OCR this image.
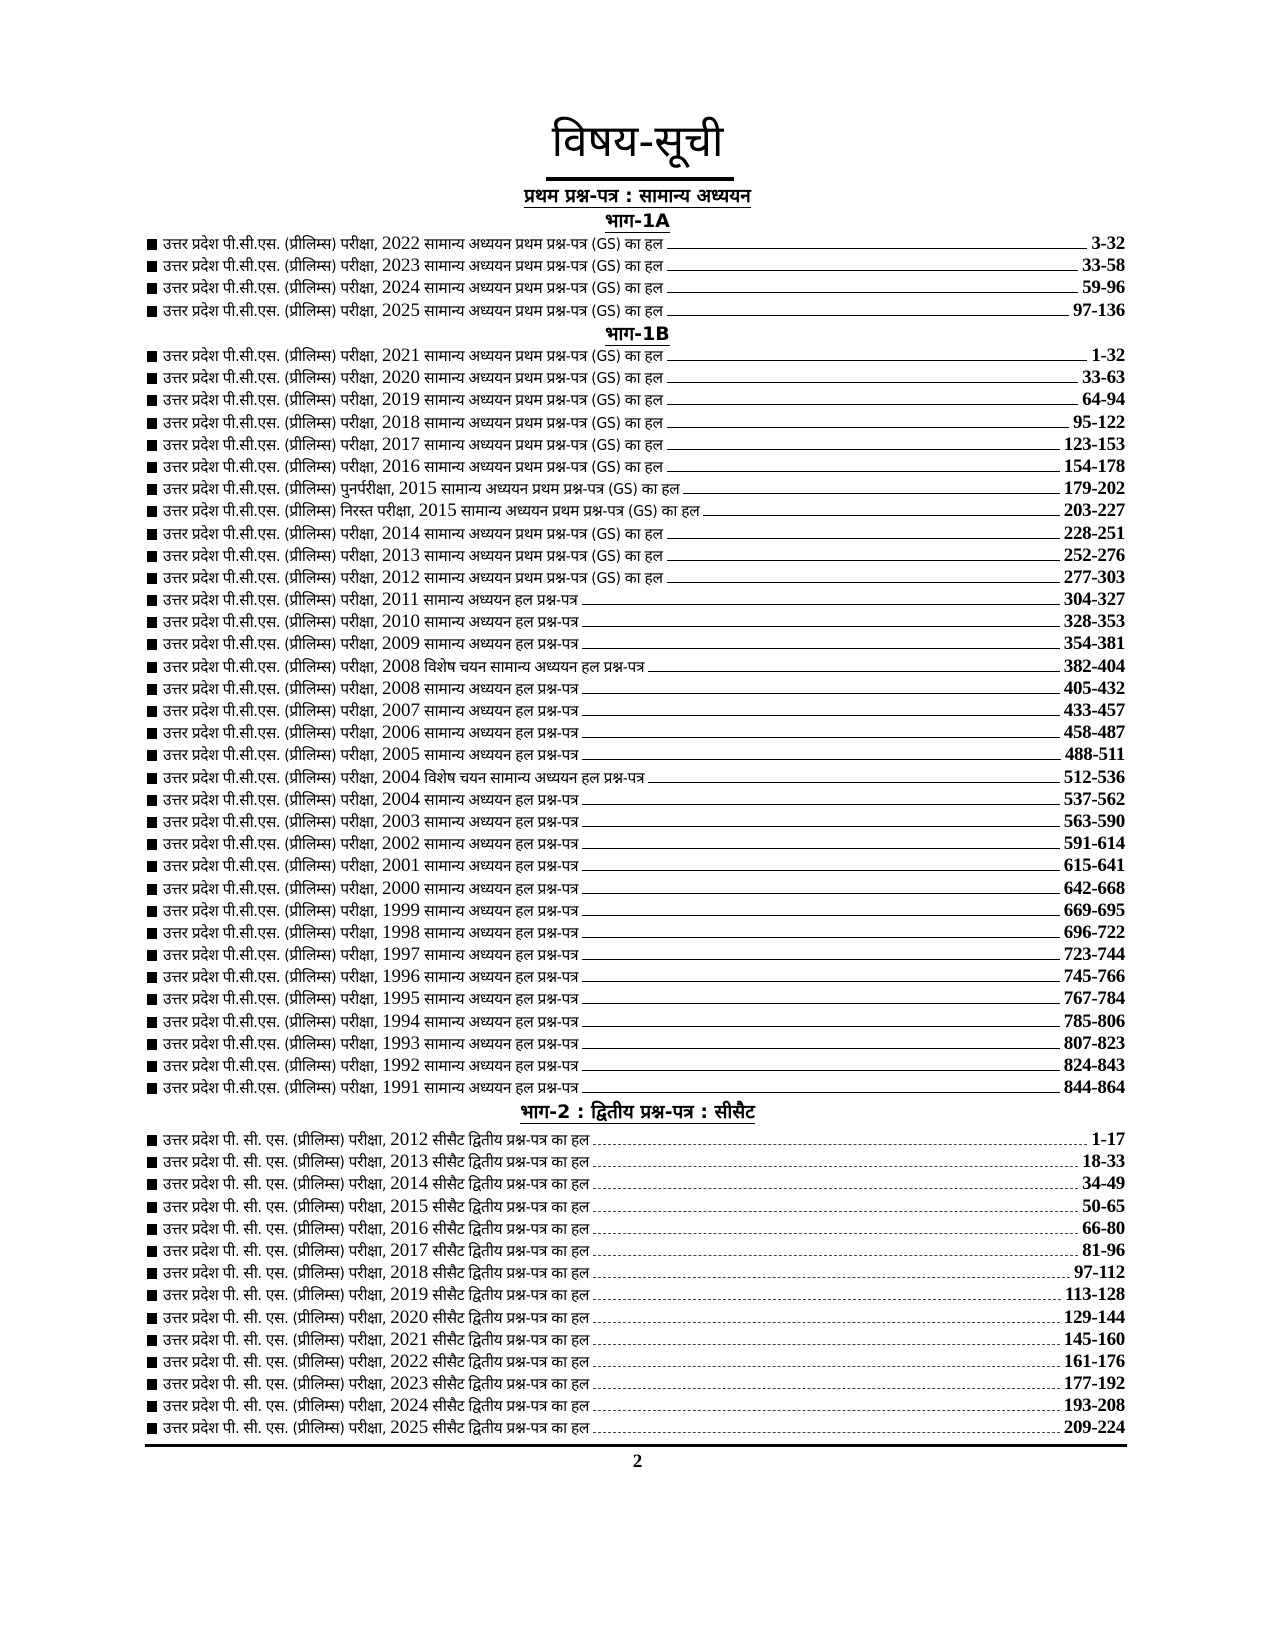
विषय-सूची
प्रथम प्रश्न-पत्र : सामान्य अध्ययन
भाग-1A
उत्तर प्रदेश पी.सी.एस. (प्रीलिम्स) परीक्षा, 2022 सामान्य अध्ययन प्रथम प्रश्न-पत्र (GS) का हल	3-32
उत्तर प्रदेश पी.सी.एस. (प्रीलिम्स) परीक्षा, 2023 सामान्य अध्ययन प्रथम प्रश्न-पत्र (GS) का हल	33-58
उत्तर प्रदेश पी.सी.एस. (प्रीलिम्स) परीक्षा, 2024 सामान्य अध्ययन प्रथम प्रश्न-पत्र (GS) का हल	59-96
उत्तर प्रदेश पी.सी.एस. (प्रीलिम्स) परीक्षा, 2025 सामान्य अध्ययन प्रथम प्रश्न-पत्र (GS) का हल	97-136
भाग-1B
उत्तर प्रदेश पी.सी.एस. (प्रीलिम्स) परीक्षा, 2021 सामान्य अध्ययन प्रथम प्रश्न-पत्र (GS) का हल	1-32
उत्तर प्रदेश पी.सी.एस. (प्रीलिम्स) परीक्षा, 2020 सामान्य अध्ययन प्रथम प्रश्न-पत्र (GS) का हल	33-63
उत्तर प्रदेश पी.सी.एस. (प्रीलिम्स) परीक्षा, 2019 सामान्य अध्ययन प्रथम प्रश्न-पत्र (GS) का हल	64-94
उत्तर प्रदेश पी.सी.एस. (प्रीलिम्स) परीक्षा, 2018 सामान्य अध्ययन प्रथम प्रश्न-पत्र (GS) का हल	95-122
उत्तर प्रदेश पी.सी.एस. (प्रीलिम्स) परीक्षा, 2017 सामान्य अध्ययन प्रथम प्रश्न-पत्र (GS) का हल	123-153
उत्तर प्रदेश पी.सी.एस. (प्रीलिम्स) परीक्षा, 2016 सामान्य अध्ययन प्रथम प्रश्न-पत्र (GS) का हल	154-178
उत्तर प्रदेश पी.सी.एस. (प्रीलिम्स) पुनर्परीक्षा, 2015 सामान्य अध्ययन प्रथम प्रश्न-पत्र (GS) का हल	179-202
उत्तर प्रदेश पी.सी.एस. (प्रीलिम्स) निरस्त परीक्षा, 2015 सामान्य अध्ययन प्रथम प्रश्न-पत्र (GS) का हल	203-227
उत्तर प्रदेश पी.सी.एस. (प्रीलिम्स) परीक्षा, 2014 सामान्य अध्ययन प्रथम प्रश्न-पत्र (GS) का हल	228-251
उत्तर प्रदेश पी.सी.एस. (प्रीलिम्स) परीक्षा, 2013 सामान्य अध्ययन प्रथम प्रश्न-पत्र (GS) का हल	252-276
उत्तर प्रदेश पी.सी.एस. (प्रीलिम्स) परीक्षा, 2012 सामान्य अध्ययन प्रथम प्रश्न-पत्र (GS) का हल	277-303
उत्तर प्रदेश पी.सी.एस. (प्रीलिम्स) परीक्षा, 2011 सामान्य अध्ययन हल प्रश्न-पत्र	304-327
उत्तर प्रदेश पी.सी.एस. (प्रीलिम्स) परीक्षा, 2010 सामान्य अध्ययन हल प्रश्न-पत्र	328-353
उत्तर प्रदेश पी.सी.एस. (प्रीलिम्स) परीक्षा, 2009 सामान्य अध्ययन हल प्रश्न-पत्र	354-381
उत्तर प्रदेश पी.सी.एस. (प्रीलिम्स) परीक्षा, 2008 विशेष चयन सामान्य अध्ययन हल प्रश्न-पत्र	382-404
उत्तर प्रदेश पी.सी.एस. (प्रीलिम्स) परीक्षा, 2008 सामान्य अध्ययन हल प्रश्न-पत्र	405-432
उत्तर प्रदेश पी.सी.एस. (प्रीलिम्स) परीक्षा, 2007 सामान्य अध्ययन हल प्रश्न-पत्र	433-457
उत्तर प्रदेश पी.सी.एस. (प्रीलिम्स) परीक्षा, 2006 सामान्य अध्ययन हल प्रश्न-पत्र	458-487
उत्तर प्रदेश पी.सी.एस. (प्रीलिम्स) परीक्षा, 2005 सामान्य अध्ययन हल प्रश्न-पत्र	488-511
उत्तर प्रदेश पी.सी.एस. (प्रीलिम्स) परीक्षा, 2004 विशेष चयन सामान्य अध्ययन हल प्रश्न-पत्र	512-536
उत्तर प्रदेश पी.सी.एस. (प्रीलिम्स) परीक्षा, 2004 सामान्य अध्ययन हल प्रश्न-पत्र	537-562
उत्तर प्रदेश पी.सी.एस. (प्रीलिम्स) परीक्षा, 2003 सामान्य अध्ययन हल प्रश्न-पत्र	563-590
उत्तर प्रदेश पी.सी.एस. (प्रीलिम्स) परीक्षा, 2002 सामान्य अध्ययन हल प्रश्न-पत्र	591-614
उत्तर प्रदेश पी.सी.एस. (प्रीलिम्स) परीक्षा, 2001 सामान्य अध्ययन हल प्रश्न-पत्र	615-641
उत्तर प्रदेश पी.सी.एस. (प्रीलिम्स) परीक्षा, 2000 सामान्य अध्ययन हल प्रश्न-पत्र	642-668
उत्तर प्रदेश पी.सी.एस. (प्रीलिम्स) परीक्षा, 1999 सामान्य अध्ययन हल प्रश्न-पत्र	669-695
उत्तर प्रदेश पी.सी.एस. (प्रीलिम्स) परीक्षा, 1998 सामान्य अध्ययन हल प्रश्न-पत्र	696-722
उत्तर प्रदेश पी.सी.एस. (प्रीलिम्स) परीक्षा, 1997 सामान्य अध्ययन हल प्रश्न-पत्र	723-744
उत्तर प्रदेश पी.सी.एस. (प्रीलिम्स) परीक्षा, 1996 सामान्य अध्ययन हल प्रश्न-पत्र	745-766
उत्तर प्रदेश पी.सी.एस. (प्रीलिम्स) परीक्षा, 1995 सामान्य अध्ययन हल प्रश्न-पत्र	767-784
उत्तर प्रदेश पी.सी.एस. (प्रीलिम्स) परीक्षा, 1994 सामान्य अध्ययन हल प्रश्न-पत्र	785-806
उत्तर प्रदेश पी.सी.एस. (प्रीलिम्स) परीक्षा, 1993 सामान्य अध्ययन हल प्रश्न-पत्र	807-823
उत्तर प्रदेश पी.सी.एस. (प्रीलिम्स) परीक्षा, 1992 सामान्य अध्ययन हल प्रश्न-पत्र	824-843
उत्तर प्रदेश पी.सी.एस. (प्रीलिम्स) परीक्षा, 1991 सामान्य अध्ययन हल प्रश्न-पत्र	844-864
भाग-2 : द्वितीय प्रश्न-पत्र : सीसैट
उत्तर प्रदेश पी. सी. एस. (प्रीलिम्स) परीक्षा, 2012 सीसैट द्वितीय प्रश्न-पत्र का हल	1-17
उत्तर प्रदेश पी. सी. एस. (प्रीलिम्स) परीक्षा, 2013 सीसैट द्वितीय प्रश्न-पत्र का हल	18-33
उत्तर प्रदेश पी. सी. एस. (प्रीलिम्स) परीक्षा, 2014 सीसैट द्वितीय प्रश्न-पत्र का हल	34-49
उत्तर प्रदेश पी. सी. एस. (प्रीलिम्स) परीक्षा, 2015 सीसैट द्वितीय प्रश्न-पत्र का हल	50-65
उत्तर प्रदेश पी. सी. एस. (प्रीलिम्स) परीक्षा, 2016 सीसैट द्वितीय प्रश्न-पत्र का हल	66-80
उत्तर प्रदेश पी. सी. एस. (प्रीलिम्स) परीक्षा, 2017 सीसैट द्वितीय प्रश्न-पत्र का हल	81-96
उत्तर प्रदेश पी. सी. एस. (प्रीलिम्स) परीक्षा, 2018 सीसैट द्वितीय प्रश्न-पत्र का हल	97-112
उत्तर प्रदेश पी. सी. एस. (प्रीलिम्स) परीक्षा, 2019 सीसैट द्वितीय प्रश्न-पत्र का हल	113-128
उत्तर प्रदेश पी. सी. एस. (प्रीलिम्स) परीक्षा, 2020 सीसैट द्वितीय प्रश्न-पत्र का हल	129-144
उत्तर प्रदेश पी. सी. एस. (प्रीलिम्स) परीक्षा, 2021 सीसैट द्वितीय प्रश्न-पत्र का हल	145-160
उत्तर प्रदेश पी. सी. एस. (प्रीलिम्स) परीक्षा, 2022 सीसैट द्वितीय प्रश्न-पत्र का हल	161-176
उत्तर प्रदेश पी. सी. एस. (प्रीलिम्स) परीक्षा, 2023 सीसैट द्वितीय प्रश्न-पत्र का हल	177-192
उत्तर प्रदेश पी. सी. एस. (प्रीलिम्स) परीक्षा, 2024 सीसैट द्वितीय प्रश्न-पत्र का हल	193-208
उत्तर प्रदेश पी. सी. एस. (प्रीलिम्स) परीक्षा, 2025 सीसैट द्वितीय प्रश्न-पत्र का हल	209-224
2
